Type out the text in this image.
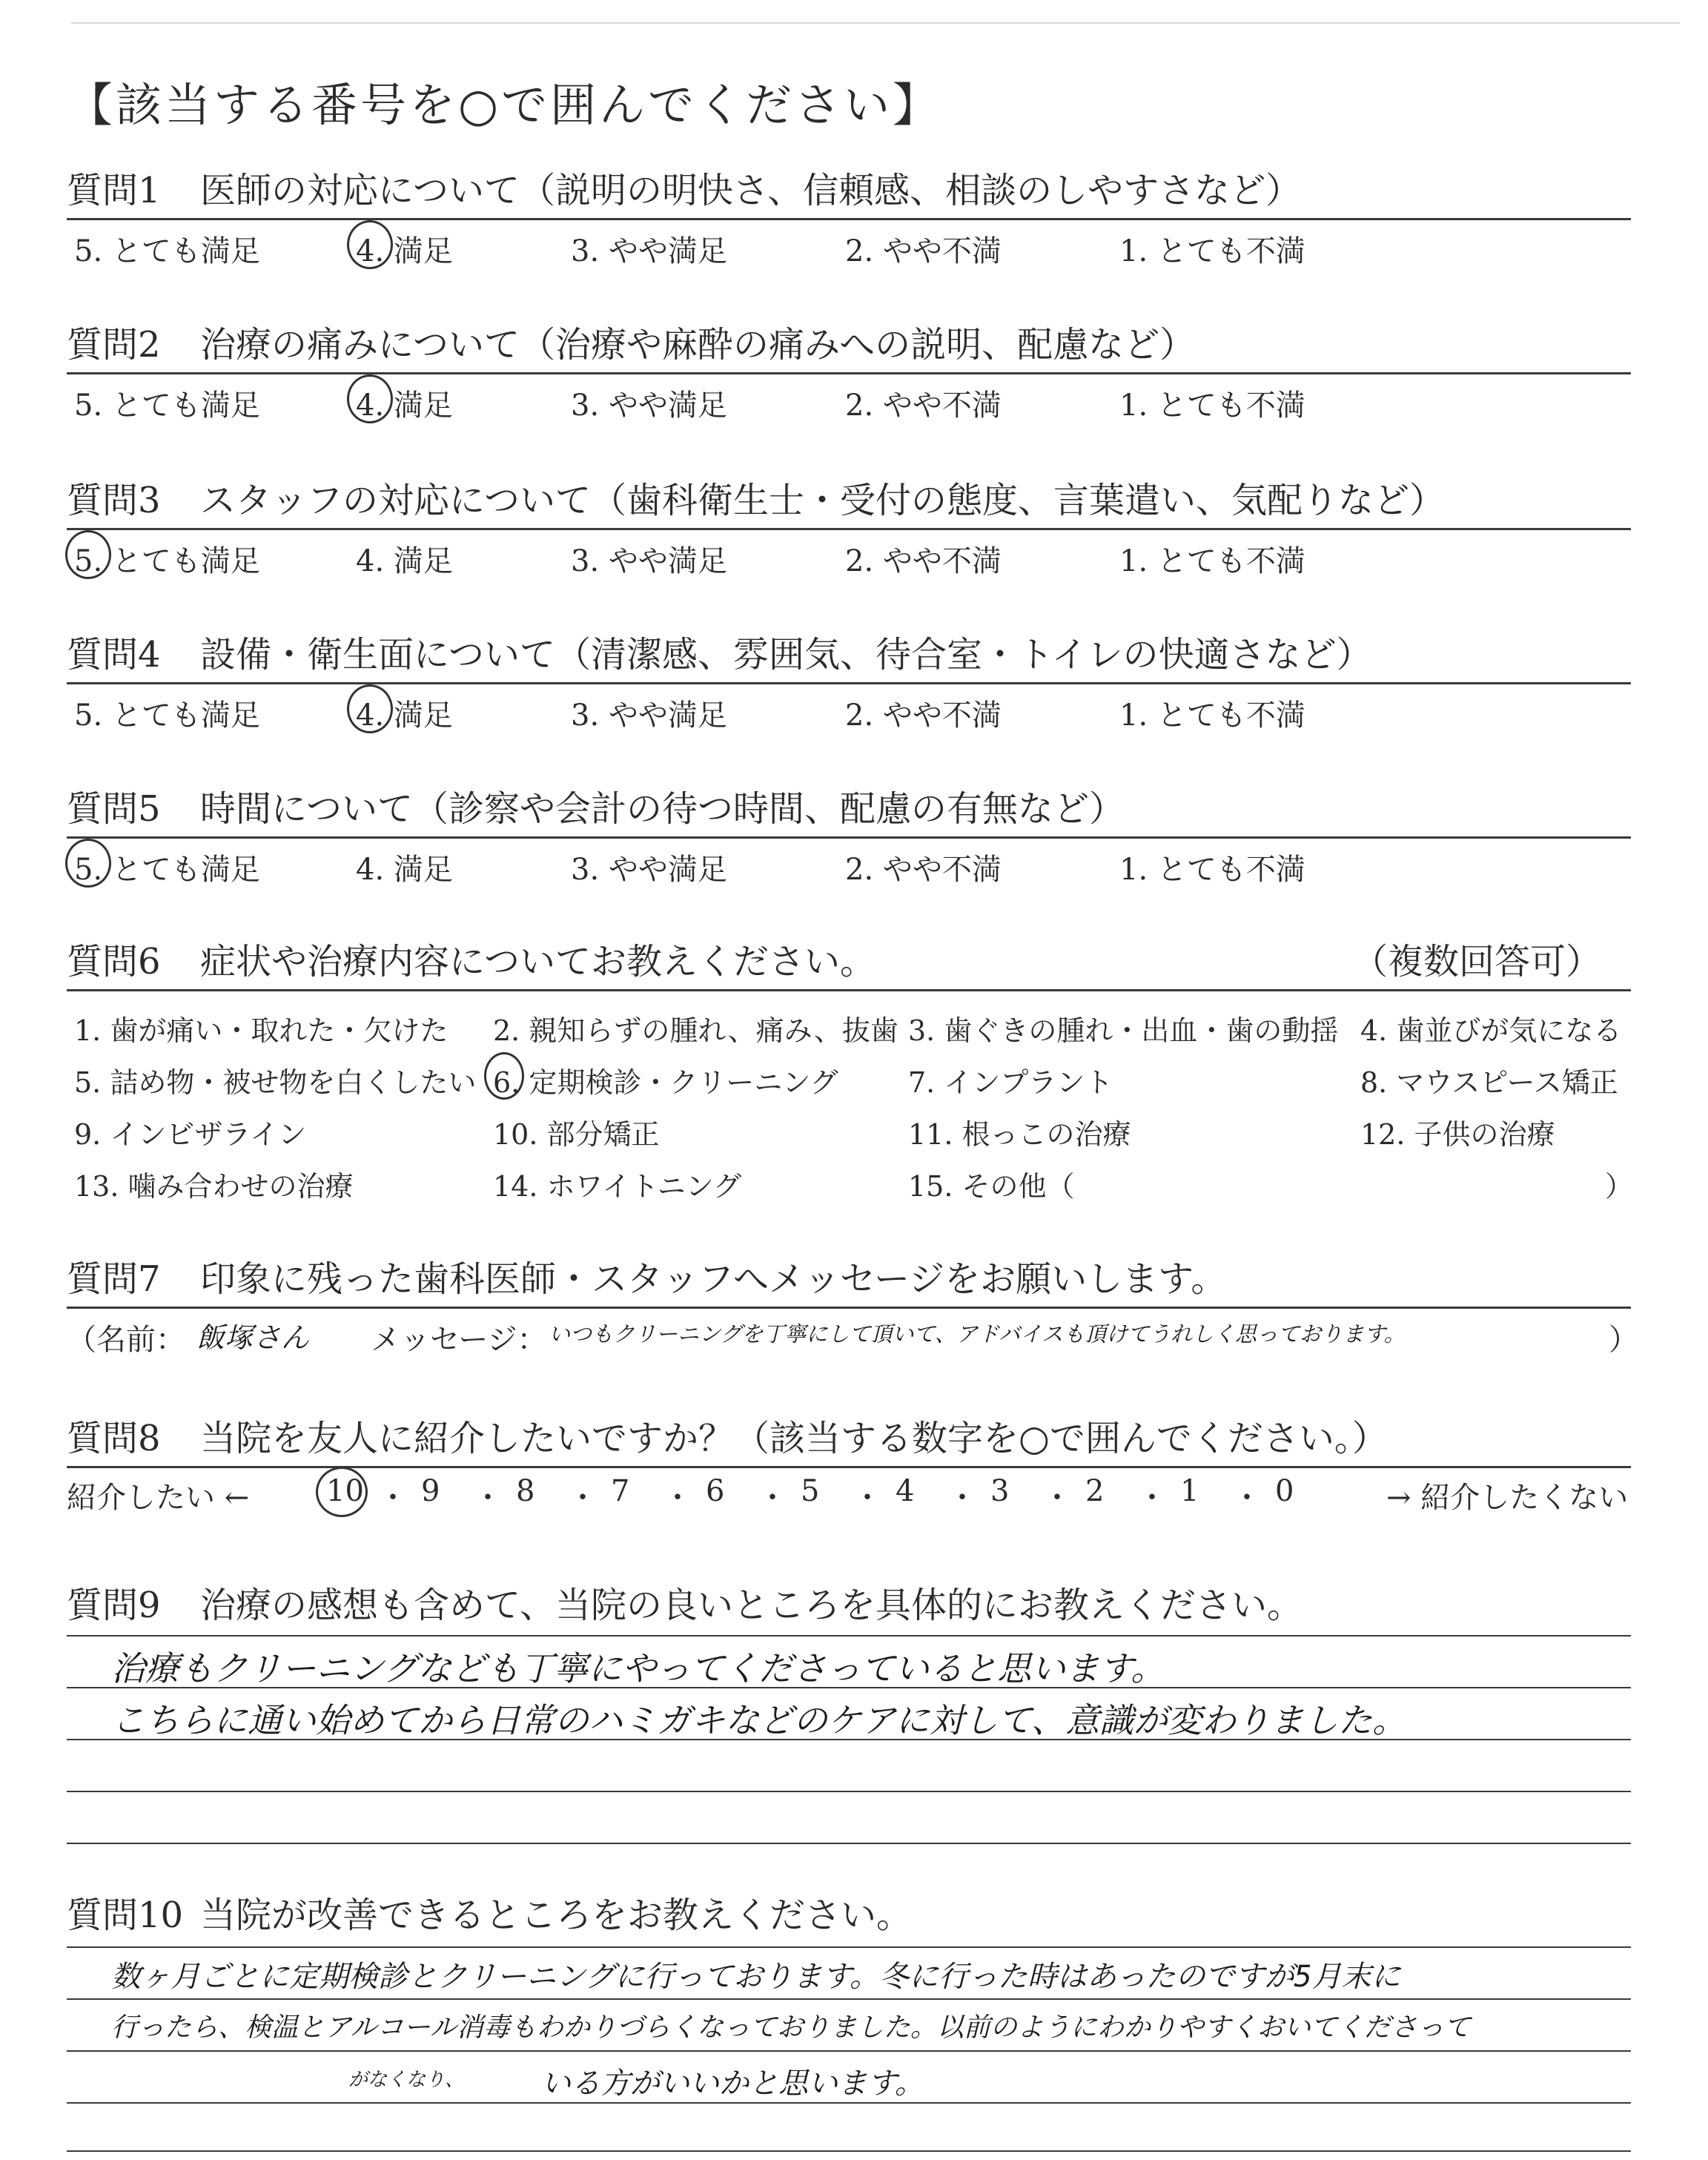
【該当する番号を○で囲んでください】
質問1 医師の対応について（説明の明快さ、信頼感、相談のしやすさなど）
5. とても満足	4. 満足	3. やや満足	2. やや不満	1. とても不満
質問2 治療の痛みについて（治療や麻酔の痛みへの説明、配慮など）
5. とても満足	4. 満足	3. やや満足	2. やや不満	1. とても不満
質問3 スタッフの対応について（歯科衛生士・受付の態度、言葉遣い、気配りなど）
5. とても満足	4. 満足	3. やや満足	2. やや不満	1. とても不満
質問4 設備・衛生面について（清潔感、雰囲気、待合室・トイレの快適さなど）
5. とても満足	4. 満足	3. やや満足	2. やや不満	1. とても不満
質問5 時間について（診察や会計の待つ時間、配慮の有無など）
5. とても満足	4. 満足	3. やや満足	2. やや不満	1. とても不満
質問6 症状や治療内容についてお教えください。	（複数回答可）
1. 歯が痛い・取れた・欠けた 2. 親知らずの腫れ、痛み、抜歯 3. 歯ぐきの腫れ・出血・歯の動揺 4. 歯並びが気になる
5. 詰め物・被せ物を白くしたい 6. 定期検診・クリーニング 7. インプラント	8. マウスピース矯正
9. インビザライン	10. 部分矯正	11. 根っこの治療	12. 子供の治療
13. 噛み合わせの治療	14. ホワイトニング	15. その他（	）
質問7 印象に残った歯科医師・スタッフへメッセージをお願いします。
（名前： 飯塚さん メッセージ： いつもクリーニングを丁寧にして頂いて、アドバイスも頂けてうれしく思っております。	）
質問8 当院を友人に紹介したいですか？（該当する数字を○で囲んでください。）
紹介したい ←	→ 紹介したくない
10 ・ 9 ・ 8 ・ 7 ・ 6 ・ 5 ・ 4 ・ 3 ・ 2 ・ 1 ・ 0
質問9 治療の感想も含めて、当院の良いところを具体的にお教えください。
治療もクリーニングなども丁寧にやってくださっていると思います。
こちらに通い始めてから日常のハミガキなどのケアに対して、意識が変わりました。
質問10 当院が改善できるところをお教えください。
数ヶ月ごとに定期検診とクリーニングに行っております。冬に行った時はあったのですが5月末に
行ったら、検温とアルコール消毒もわかりづらくなっておりました。以前のようにわかりやすくおいてくださって
がなくなり、	いる方がいいかと思います。
